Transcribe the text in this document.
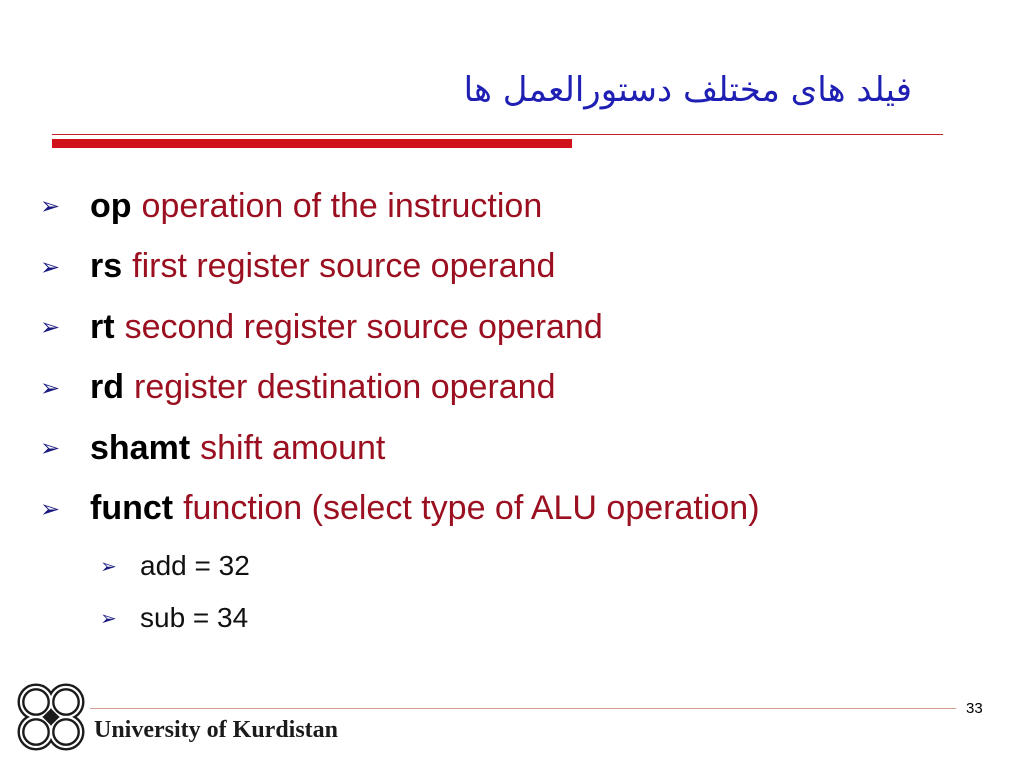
فیلد های مختلف دستورالعمل ها
➢ op operation of the instruction
➢ rs first register source operand
➢ rt second register source operand
➢ rd register destination operand
➢ shamt shift amount
➢ funct function (select type of ALU operation)
➢ add = 32
➢ sub = 34
33
University of Kurdistan
